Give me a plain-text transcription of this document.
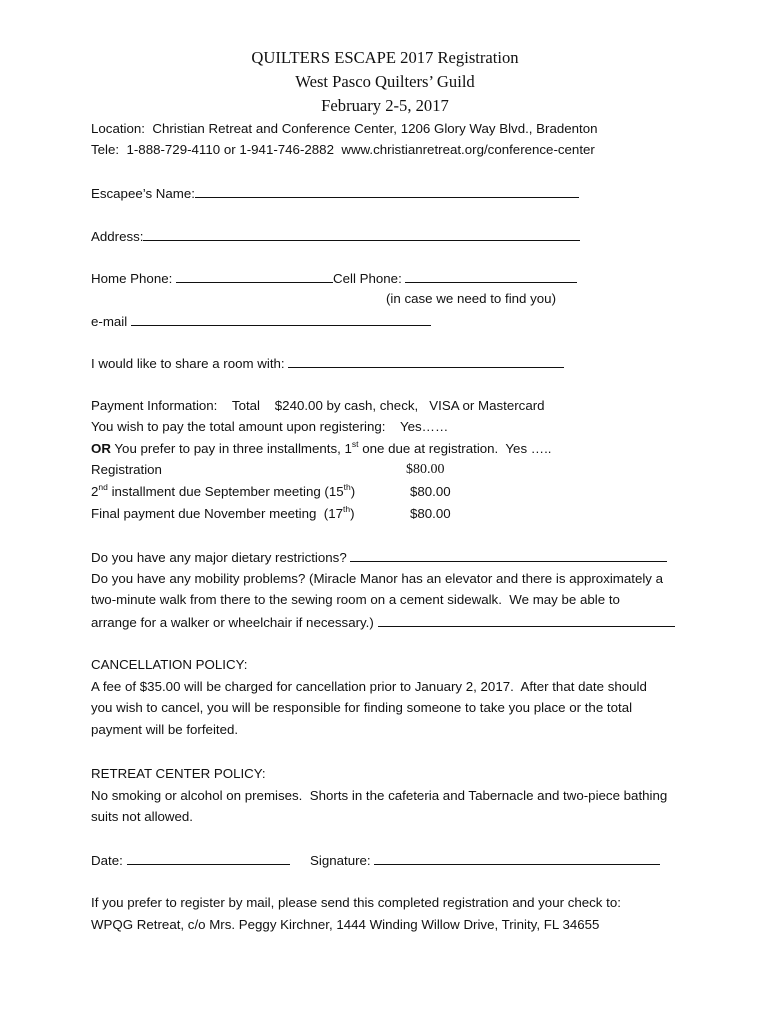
QUILTERS ESCAPE 2017 Registration
West Pasco Quilters’ Guild
February 2-5, 2017
Location:  Christian Retreat and Conference Center, 1206 Glory Way Blvd., Bradenton
Tele:  1-888-729-4110 or 1-941-746-2882  www.christianretreat.org/conference-center
Escapee’s Name:
Address:
Home Phone:	Cell Phone:
(in case we need to find you)
e-mail
I would like to share a room with:
Payment Information:    Total    $240.00 by cash, check,   VISA or Mastercard
You wish to pay the total amount upon registering:    Yes……
OR You prefer to pay in three installments, 1st one due at registration.  Yes …..
Registration	$80.00
2nd installment due September meeting (15th)	$80.00
Final payment due November meeting  (17th)	$80.00
Do you have any major dietary restrictions?
Do you have any mobility problems? (Miracle Manor has an elevator and there is approximately a
two-minute walk from there to the sewing room on a cement sidewalk.  We may be able to
arrange for a walker or wheelchair if necessary.)
CANCELLATION POLICY:
A fee of $35.00 will be charged for cancellation prior to January 2, 2017.  After that date should
you wish to cancel, you will be responsible for finding someone to take you place or the total
payment will be forfeited.
RETREAT CENTER POLICY:
No smoking or alcohol on premises.  Shorts in the cafeteria and Tabernacle and two-piece bathing
suits not allowed.
Date:	Signature:
If you prefer to register by mail, please send this completed registration and your check to:
WPQG Retreat, c/o Mrs. Peggy Kirchner, 1444 Winding Willow Drive, Trinity, FL 34655
